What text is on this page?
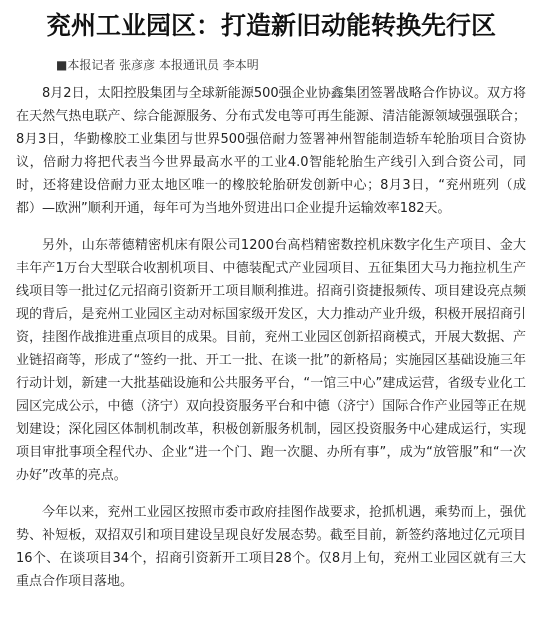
兖州工业园区：打造新旧动能转换先行区
■本报记者 张彦彦 本报通讯员 李本明

8月2日，太阳控股集团与全球新能源500强企业协鑫集团签署战略合作协议。双方将在天然气热电联产、综合能源服务、分布式发电等可再生能源、清洁能源领域强强联合；8月3日，华勤橡胶工业集团与世界500强倍耐力签署神州智能制造轿车轮胎项目合资协议，倍耐力将把代表当今世界最高水平的工业4.0智能轮胎生产线引入到合资公司，同时，还将建设倍耐力亚太地区唯一的橡胶轮胎研发创新中心；8月3日，“兖州班列（成都）—欧洲”顺利开通，每年可为当地外贸进出口企业提升运输效率182天。

另外，山东蒂德精密机床有限公司1200台高档精密数控机床数字化生产项目、金大丰年产1万台大型联合收割机项目、中德装配式产业园项目、五征集团大马力拖拉机生产线项目等一批过亿元招商引资新开工项目顺利推进。招商引资捷报频传、项目建设亮点频现的背后，是兖州工业园区主动对标国家级开发区，大力推动产业升级，积极开展招商引资，挂图作战推进重点项目的成果。目前，兖州工业园区创新招商模式，开展大数据、产业链招商等，形成了“签约一批、开工一批、在谈一批”的新格局；实施园区基础设施三年行动计划，新建一大批基础设施和公共服务平台，“一馆三中心”建成运营，省级专业化工园区完成公示，中德（济宁）双向投资服务平台和中德（济宁）国际合作产业园等正在规划建设；深化园区体制机制改革，积极创新服务机制，园区投资服务中心建成运行，实现项目审批事项全程代办、企业“进一个门、跑一次腿、办所有事”，成为“放管服”和“一次办好”改革的亮点。

今年以来，兖州工业园区按照市委市政府挂图作战要求，抢抓机遇，乘势而上，强优势、补短板，双招双引和项目建设呈现良好发展态势。截至目前，新签约落地过亿元项目16个、在谈项目34个，招商引资新开工项目28个。仅8月上旬，兖州工业园区就有三大重点合作项目落地。
